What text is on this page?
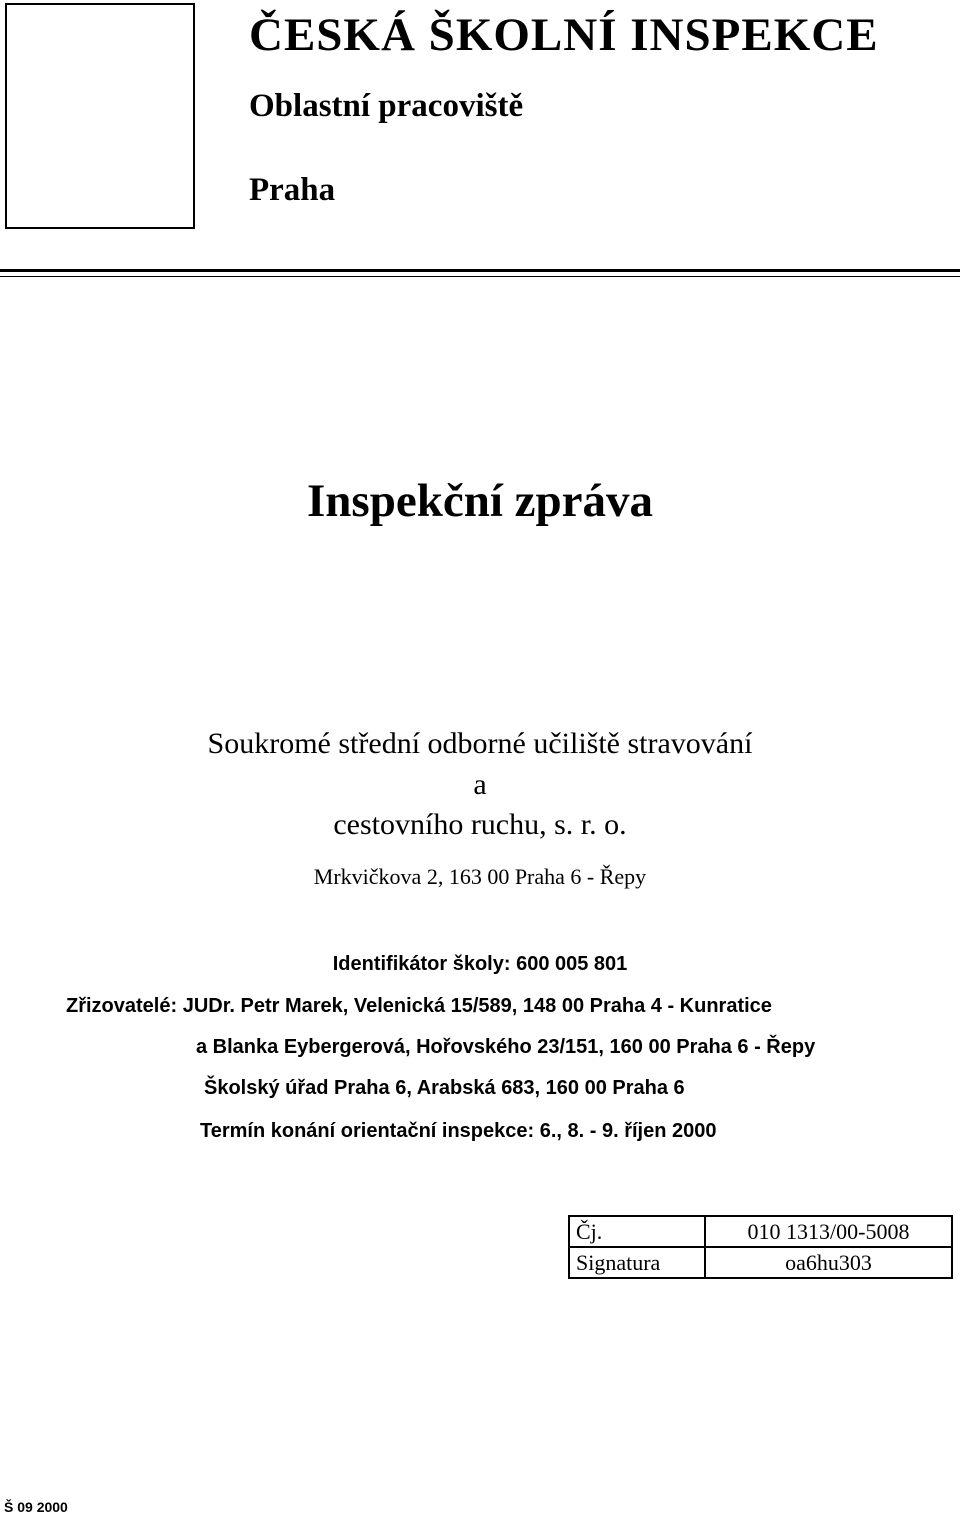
ČESKÁ ŠKOLNÍ INSPEKCE
Oblastní pracoviště
Praha
Inspekční zpráva
Soukromé střední odborné učiliště stravování
a
cestovního ruchu, s. r. o.
Mrkvičkova 2, 163 00 Praha 6 - Řepy
Identifikátor školy: 600 005 801
Zřizovatelé: JUDr. Petr Marek, Velenická 15/589, 148 00 Praha 4 - Kunratice
a Blanka Eybergerová, Hořovského 23/151, 160 00 Praha 6 - Řepy
Školský úřad Praha 6, Arabská 683, 160 00 Praha 6
Termín konání orientační inspekce: 6., 8. - 9. říjen 2000
Čj.	010 1313/00-5008
Signatura	oa6hu303
Š 09 2000
